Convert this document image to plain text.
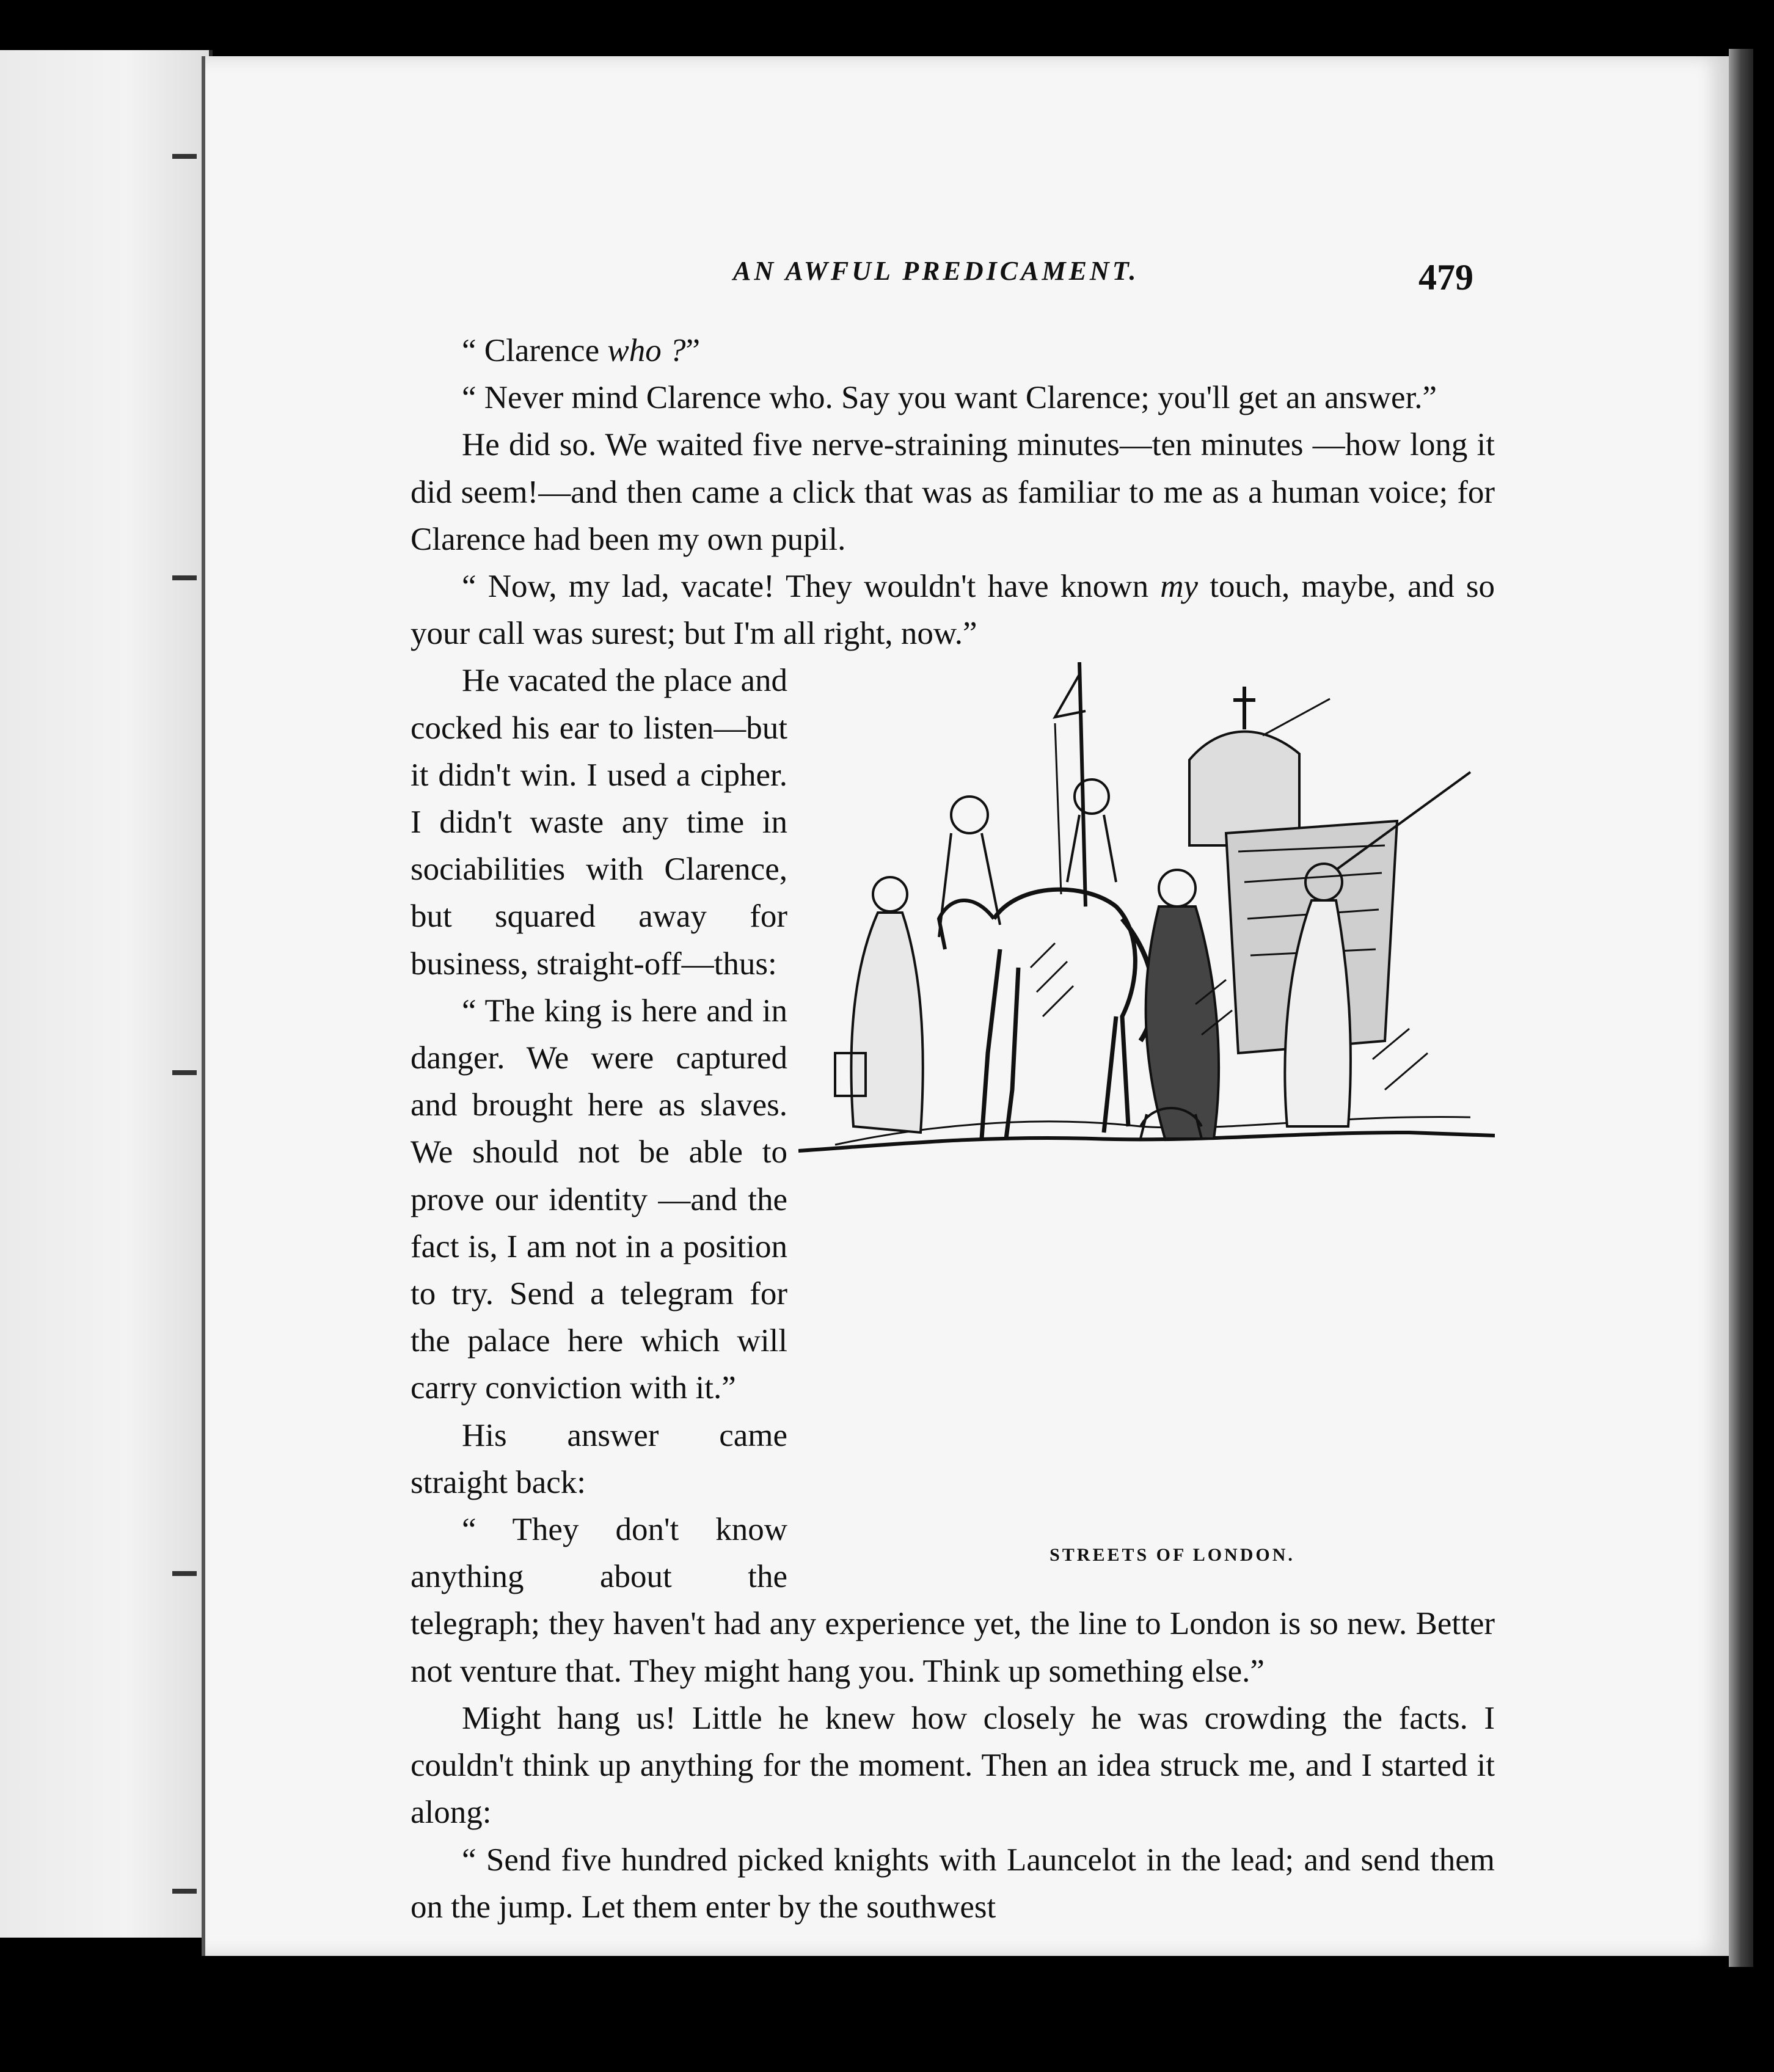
AN AWFUL PREDICAMENT.	479

“ Clarence who ?”

“ Never mind Clarence who. Say you want Clarence; you'll get an answer.”

He did so. We waited five nerve-straining minutes—ten minutes —how long it did seem!—and then came a click that was as familiar to me as a human voice; for Clarence had been my own pupil.

“ Now, my lad, vacate! They wouldn't have known my touch, maybe, and so your call was surest; but I'm all right, now.”

STREETS OF LONDON.
He vacated the place and cocked his ear to listen—but it didn't win. I used a cipher. I didn't waste any time in sociabilities with Clarence, but squared away for business, straight-off—thus:

“ The king is here and in danger. We were captured and brought here as slaves. We should not be able to prove our identity —and the fact is, I am not in a position to try. Send a telegram for the palace here which will carry conviction with it.”

His answer came straight back:

“ They don't know anything about the telegraph; they haven't had any experience yet, the line to London is so new. Better not venture that. They might hang you. Think up something else.”

Might hang us! Little he knew how closely he was crowding the facts. I couldn't think up anything for the moment. Then an idea struck me, and I started it along:

“ Send five hundred picked knights with Launcelot in the lead; and send them on the jump. Let them enter by the southwest
